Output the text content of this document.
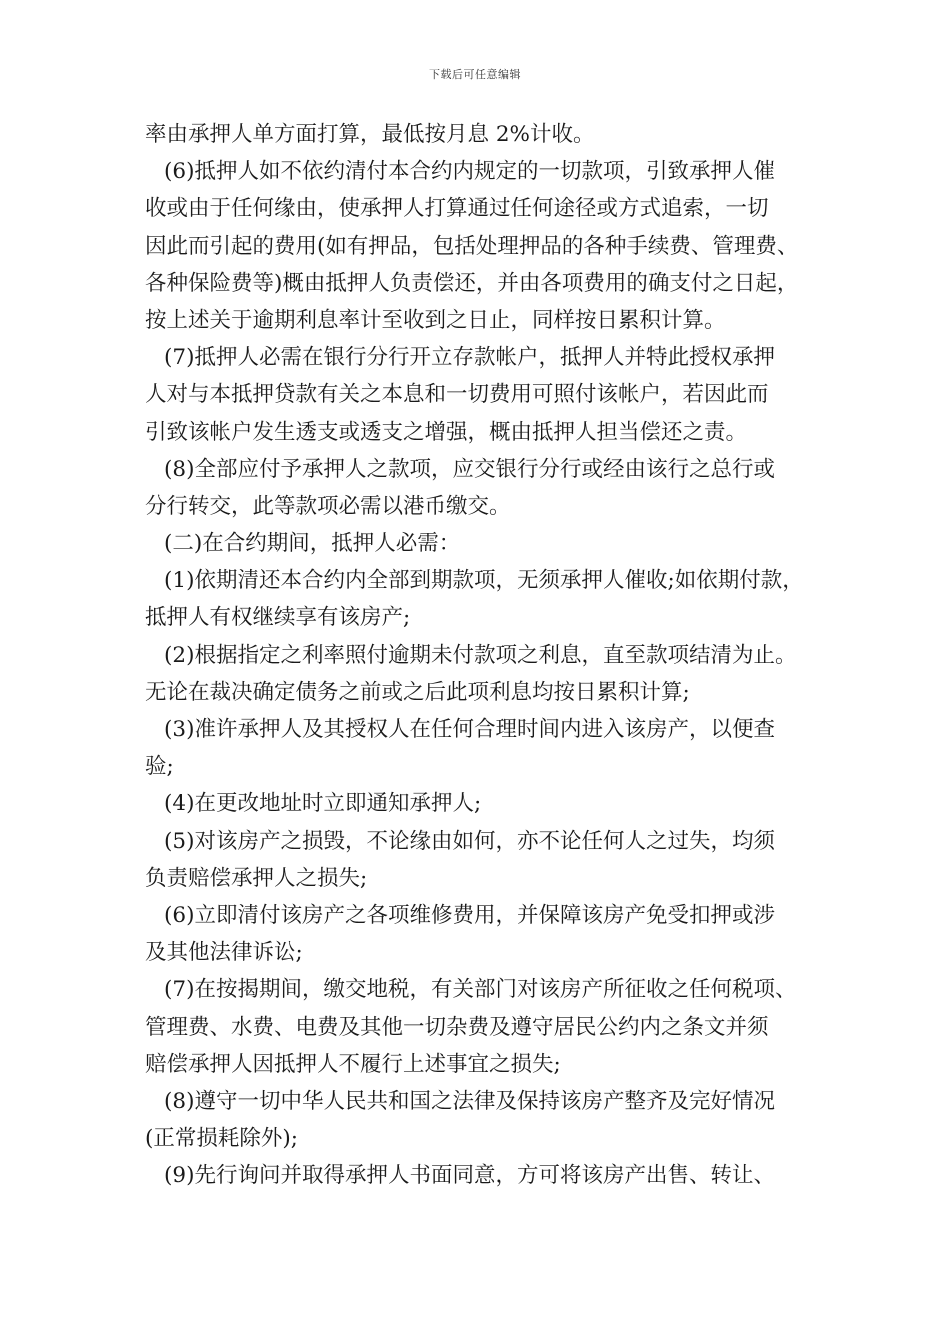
下载后可任意编辑
率由承押人单方面打算，最低按月息 2%计收。
(6)抵押人如不依约清付本合约内规定的一切款项，引致承押人催
收或由于任何缘由，使承押人打算通过任何途径或方式追索，一切
因此而引起的费用(如有押品，包括处理押品的各种手续费、管理费、
各种保险费等)概由抵押人负责偿还，并由各项费用的确支付之日起，
按上述关于逾期利息率计至收到之日止，同样按日累积计算。
(7)抵押人必需在银行分行开立存款帐户，抵押人并特此授权承押
人对与本抵押贷款有关之本息和一切费用可照付该帐户，若因此而
引致该帐户发生透支或透支之增强，概由抵押人担当偿还之责。
(8)全部应付予承押人之款项，应交银行分行或经由该行之总行或
分行转交，此等款项必需以港币缴交。
(二)在合约期间，抵押人必需：
(1)依期清还本合约内全部到期款项，无须承押人催收;如依期付款，
抵押人有权继续享有该房产;
(2)根据指定之利率照付逾期未付款项之利息，直至款项结清为止。
无论在裁决确定债务之前或之后此项利息均按日累积计算;
(3)准许承押人及其授权人在任何合理时间内进入该房产，以便查
验;
(4)在更改地址时立即通知承押人;
(5)对该房产之损毁，不论缘由如何，亦不论任何人之过失，均须
负责赔偿承押人之损失;
(6)立即清付该房产之各项维修费用，并保障该房产免受扣押或涉
及其他法律诉讼;
(7)在按揭期间，缴交地税，有关部门对该房产所征收之任何税项、
管理费、水费、电费及其他一切杂费及遵守居民公约内之条文并须
赔偿承押人因抵押人不履行上述事宜之损失;
(8)遵守一切中华人民共和国之法律及保持该房产整齐及完好情况
(正常损耗除外);
(9)先行询问并取得承押人书面同意，方可将该房产出售、转让、
